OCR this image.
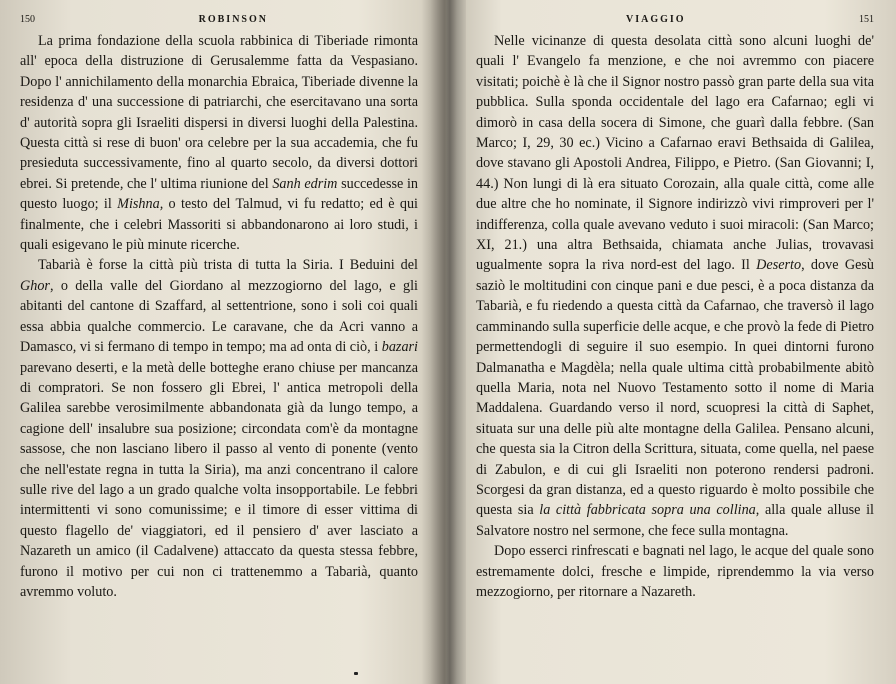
150	ROBINSON

La prima fondazione della scuola rabbinica di Tiberiade rimonta all' epoca della distruzione di Gerusalemme fatta da Vespasiano. Dopo l' annichilamento della monarchia Ebraica, Tiberiade divenne la residenza d' una successione di patriarchi, che esercitavano una sorta d' autorità sopra gli Israeliti dispersi in diversi luoghi della Palestina. Questa città si rese di buon' ora celebre per la sua accademia, che fu presieduta successivamente, fino al quarto secolo, da diversi dottori ebrei. Si pretende, che l' ultima riunione del Sanh edrim succedesse in questo luogo; il Mishna, o testo del Talmud, vi fu redatto; ed è qui finalmente, che i celebri Massoriti si abbandonarono ai loro studi, i quali esigevano le più minute ricerche.

Tabarià è forse la città più trista di tutta la Siria. I Beduini del Ghor, o della valle del Giordano al mezzogiorno del lago, e gli abitanti del cantone di Szaffard, al settentrione, sono i soli coi quali essa abbia qualche commercio. Le caravane, che da Acri vanno a Damasco, vi si fermano di tempo in tempo; ma ad onta di ciò, i bazari parevano deserti, e la metà delle botteghe erano chiuse per mancanza di compratori. Se non fossero gli Ebrei, l' antica metropoli della Galilea sarebbe verosimilmente abbandonata già da lungo tempo, a cagione dell' insalubre sua posizione; circondata com'è da montagne sassose, che non lasciano libero il passo al vento di ponente (vento che nell'estate regna in tutta la Siria), ma anzi concentrano il calore sulle rive del lago a un grado qualche volta insopportabile. Le febbri intermittenti vi sono comunissime; e il timore di esser vittima di questo flagello de' viaggiatori, ed il pensiero d' aver lasciato a Nazareth un amico (il Cadalvene) attaccato da questa stessa febbre, furono il motivo per cui non ci trattenemmo a Tabarià, quanto avremmo voluto.

VIAGGIO	151

Nelle vicinanze di questa desolata città sono alcuni luoghi de' quali l' Evangelo fa menzione, e che noi avremmo con piacere visitati; poichè è là che il Signor nostro passò gran parte della sua vita pubblica. Sulla sponda occidentale del lago era Cafarnao; egli vi dimorò in casa della socera di Simone, che guarì dalla febbre. (San Marco; I, 29, 30 ec.) Vicino a Cafarnao eravi Bethsaida di Galilea, dove stavano gli Apostoli Andrea, Filippo, e Pietro. (San Giovanni; I, 44.) Non lungi di là era situato Corozain, alla quale città, come alle due altre che ho nominate, il Signore indirizzò vivi rimproveri per l' indifferenza, colla quale avevano veduto i suoi miracoli: (San Marco; XI, 21.) una altra Bethsaida, chiamata anche Julias, trovavasi ugualmente sopra la riva nord-est del lago. Il Deserto, dove Gesù saziò le moltitudini con cinque pani e due pesci, è a poca distanza da Tabarià, e fu riedendo a questa città da Cafarnao, che traversò il lago camminando sulla superficie delle acque, e che provò la fede di Pietro permettendogli di seguire il suo esempio. In quei dintorni furono Dalmanatha e Magdèla; nella quale ultima città probabilmente abitò quella Maria, nota nel Nuovo Testamento sotto il nome di Maria Maddalena. Guardando verso il nord, scuopresi la città di Saphet, situata sur una delle più alte montagne della Galilea. Pensano alcuni, che questa sia la Citron della Scrittura, situata, come quella, nel paese di Zabulon, e di cui gli Israeliti non poterono rendersi padroni. Scorgesi da gran distanza, ed a questo riguardo è molto possibile che questa sia la città fabbricata sopra una collina, alla quale alluse il Salvatore nostro nel sermone, che fece sulla montagna.

Dopo esserci rinfrescati e bagnati nel lago, le acque del quale sono estremamente dolci, fresche e limpide, riprendemmo la via verso mezzogiorno, per ritornare a Nazareth.
